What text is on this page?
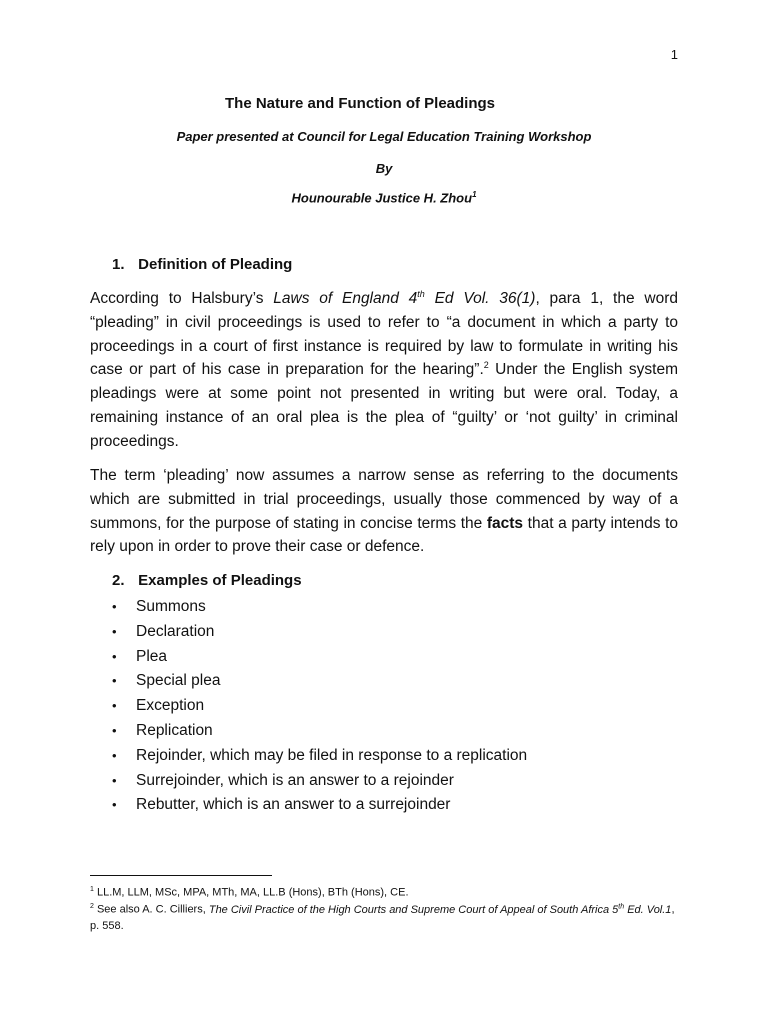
1
The Nature and Function of Pleadings
Paper presented at Council for Legal Education Training Workshop
By
Hounourable Justice H. Zhou$^1$
1. Definition of Pleading
According to Halsbury’s Laws of England 4th Ed Vol. 36(1), para 1, the word “pleading” in civil proceedings is used to refer to “a document in which a party to proceedings in a court of first instance is required by law to formulate in writing his case or part of his case in preparation for the hearing”.$^2$ Under the English system pleadings were at some point not presented in writing but were oral. Today, a remaining instance of an oral plea is the plea of “guilty’ or ‘not guilty’ in criminal proceedings.
The term ‘pleading’ now assumes a narrow sense as referring to the documents which are submitted in trial proceedings, usually those commenced by way of a summons, for the purpose of stating in concise terms the facts that a party intends to rely upon in order to prove their case or defence.
2. Examples of Pleadings
• Summons
• Declaration
• Plea
• Special plea
• Exception
• Replication
• Rejoinder, which may be filed in response to a replication
• Surrejoinder, which is an answer to a rejoinder
• Rebutter, which is an answer to a surrejoinder
$^1$ LL.M, LLM, MSc, MPA, MTh, MA, LL.B (Hons), BTh (Hons), CE.
$^2$ See also A. C. Cilliers, The Civil Practice of the High Courts and Supreme Court of Appeal of South Africa 5th Ed. Vol.1, p. 558.
